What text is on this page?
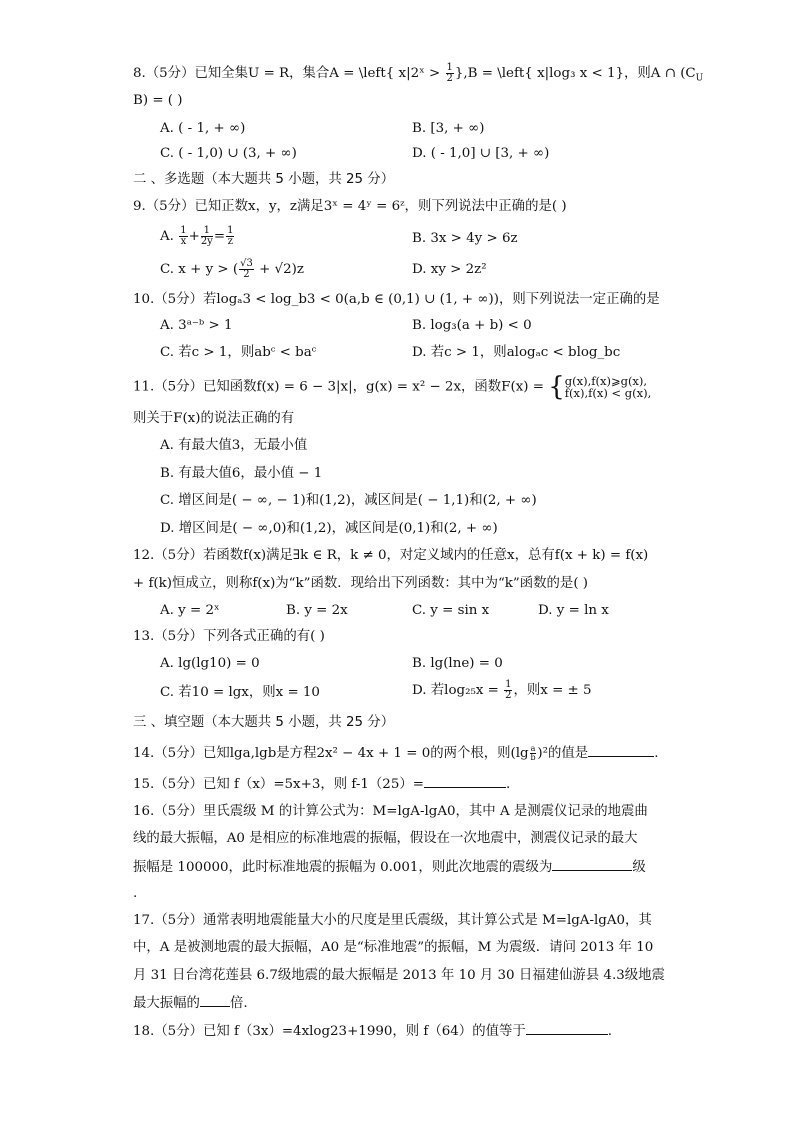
8.（5分）已知全集U = R，集合A = \left{ x|2ˣ > $\frac{1}{2} \},B$ = \left{ x|log₃ x < 1}，则A ∩ ($C_U$
B) = ( )
A. ( - 1, + ∞)	B. [3, + ∞)
C. ( - 1,0) ∪ (3, + ∞)	D. ( - 1,0] ∪ [3, + ∞)
二 、多选题（本大题共 5 小题，共 25 分）
9.（5分）已知正数x，y，z满足3ˣ = 4ʸ = 6ᶻ，则下列说法中正确的是( )
A. $\frac{1}{x} + \frac{1}{2y} = \frac{1}{z}$	B. 3x > 4y > 6z
C. x + y > ( $\frac{√3}{2} + √2)z$	D. xy > 2z²
10.（5分）若logₐ3 < log_b3 < 0(a,b ∈ (0,1) ∪ (1, + ∞))，则下列说法一定正确的是
A. 3ᵃ⁻ᵇ > 1	B. log₃(a + b) < 0
C. 若c > 1，则abᶜ < baᶜ	D. 若c > 1，则alogₐc < blog_bc
11.（5分）已知函数f(x) = 6 − 3|x|，g(x) = x² − 2x，函数F(x) = { g(x),f(x)⩾g(x),
f(x),f(x) < g(x),
则关于F(x)的说法正确的有
A. 有最大值3，无最小值
B. 有最大值6，最小值 − 1
C. 增区间是( − ∞, − 1)和(1,2)，减区间是( − 1,1)和(2, + ∞)
D. 增区间是( − ∞,0)和(1,2)，减区间是(0,1)和(2, + ∞)
12.（5分）若函数f(x)满足∃k ∈ R，k ≠ 0，对定义域内的任意x，总有f(x + k) = f(x)
+ f(k)恒成立，则称f(x)为“k”函数．现给出下列函数：其中为“k”函数的是( )
A. y = 2ˣ	B. y = 2x	C. y = sin x	D. y = ln x
13.（5分）下列各式正确的有( )
A. lg(lg10) = 0	B. lg(lne) = 0
C. 若10 = lgx，则x = 10	D. 若$\log_{25}x = \frac{1}{2}$ ，则x = ± 5
三 、填空题（本大题共 5 小题，共 25 分）
14.（5分）已知lga,lgb是方程2x² − 4x + 1 = 0的两个根，则$(\lg \frac{a}{b} )^2$的值是	.
15.（5分）已知 f（x）=5x+3，则 f-1（25）=	.
16.（5分）里氏震级 M 的计算公式为：M=lgA-lgA0，其中 A 是测震仪记录的地震曲
线的最大振幅，A0 是相应的标准地震的振幅，假设在一次地震中，测震仪记录的最大
振幅是 100000，此时标准地震的振幅为 0.001，则此次地震的震级为	级
.
17.（5分）通常表明地震能量大小的尺度是里氏震级，其计算公式是 M=lgA-lgA0，其
中，A 是被测地震的最大振幅，A0 是“标准地震”的振幅，M 为震级．请问 2013 年 10
月 31 日台湾花莲县 6.7级地震的最大振幅是 2013 年 10 月 30 日福建仙游县 4.3级地震
最大振幅的 倍.
18.（5分）已知 f（3x）=4xlog23+1990，则 f（64）的值等于	.
